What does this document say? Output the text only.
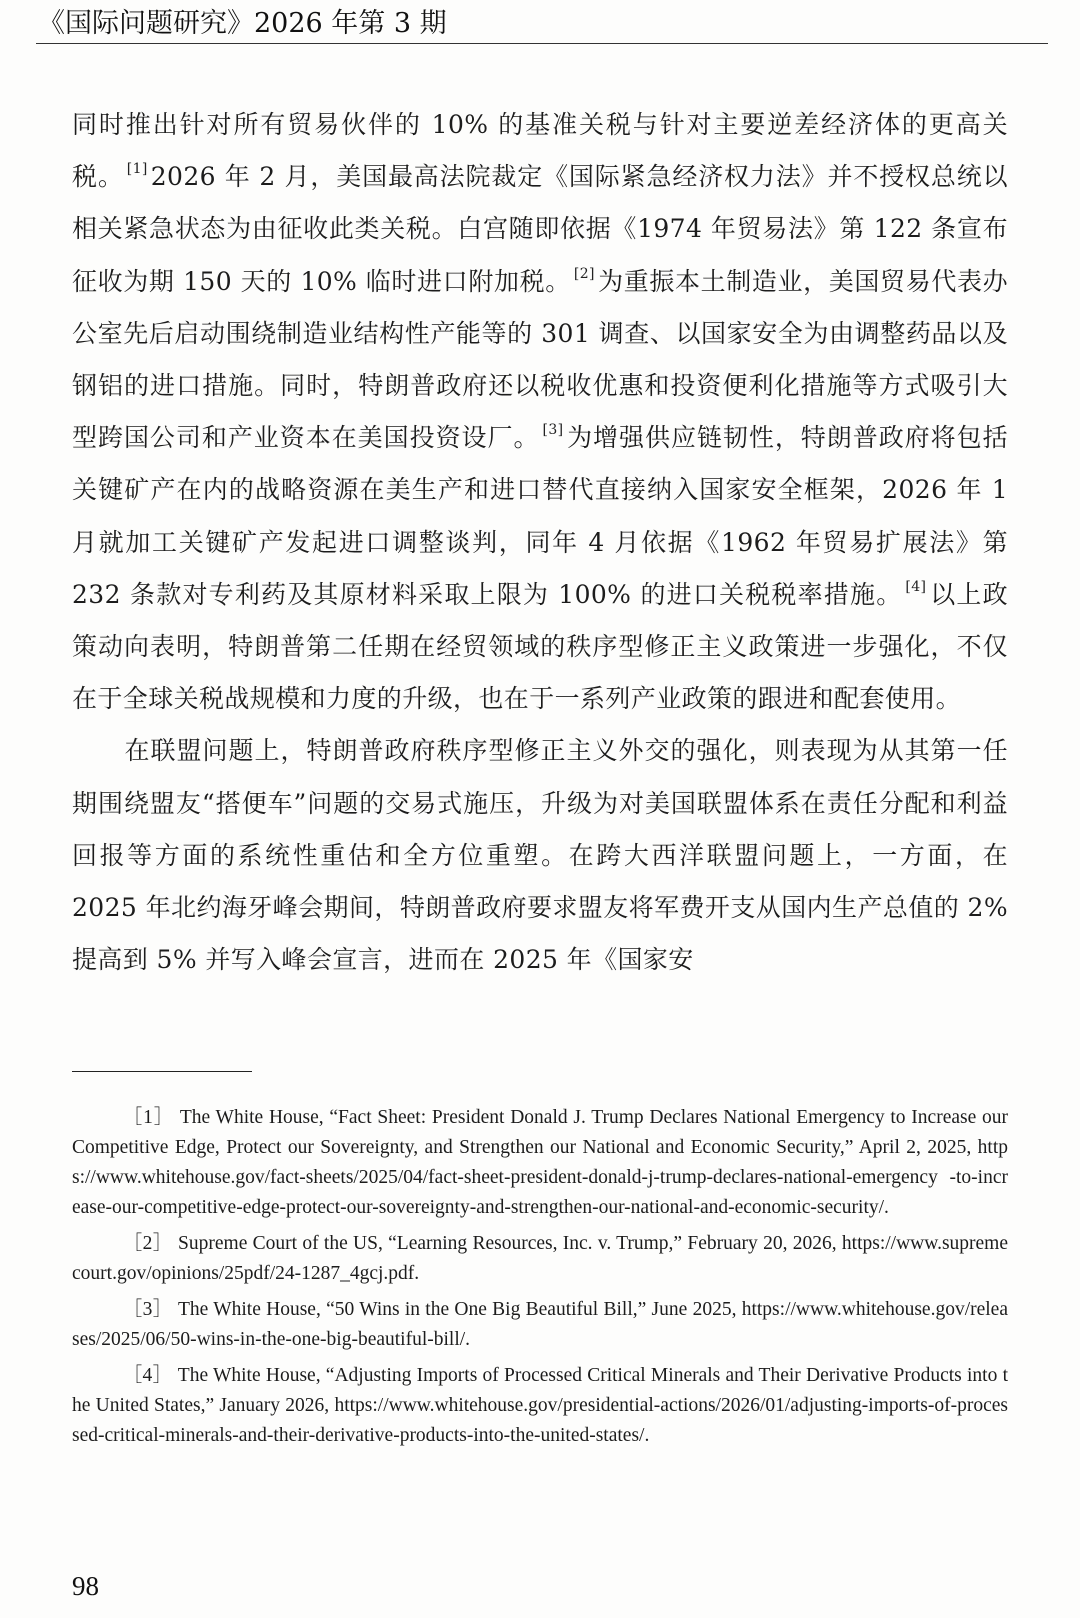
《国际问题研究》2026 年第 3 期

同时推出针对所有贸易伙伴的 10% 的基准关税与针对主要逆差经济体的更高关税。 [1] 2026 年 2 月，美国最高法院裁定《国际紧急经济权力法》并不授权总统以相关紧急状态为由征收此类关税。白宫随即依据《1974 年贸易法》第 122 条宣布征收为期 150 天的 10% 临时进口附加税。 [2] 为重振本土制造业，美国贸易代表办公室先后启动围绕制造业结构性产能等的 301 调查、以国家安全为由调整药品以及钢铝的进口措施。同时，特朗普政府还以税收优惠和投资便利化措施等方式吸引大型跨国公司和产业资本在美国投资设厂。 [3] 为增强供应链韧性，特朗普政府将包括关键矿产在内的战略资源在美生产和进口替代直接纳入国家安全框架，2026 年 1 月就加工关键矿产发起进口调整谈判，同年 4 月依据《1962 年贸易扩展法》第 232 条款对专利药及其原材料采取上限为 100% 的进口关税税率措施。 [4] 以上政策动向表明，特朗普第二任期在经贸领域的秩序型修正主义政策进一步强化，不仅在于全球关税战规模和力度的升级，也在于一系列产业政策的跟进和配套使用。

在联盟问题上，特朗普政府秩序型修正主义外交的强化，则表现为从其第一任期围绕盟友“搭便车”问题的交易式施压，升级为对美国联盟体系在责任分配和利益回报等方面的系统性重估和全方位重塑。在跨大西洋联盟问题上，一方面，在 2025 年北约海牙峰会期间，特朗普政府要求盟友将军费开支从国内生产总值的 2% 提高到 5% 并写入峰会宣言，进而在 2025 年《国家安

［1］ The White House, “Fact Sheet: President Donald J. Trump Declares National Emergency to Increase our Competitive Edge, Protect our Sovereignty, and Strengthen our National and Economic Security,” April 2, 2025, https://www.whitehouse.gov/fact-sheets/2025/04/fact-sheet-president-donald-j-trump-declares-national-emergency -to-increase-our-competitive-edge-protect-our-sovereignty-and-strengthen-our-national-and-economic-security/.

［2］ Supreme Court of the US, “Learning Resources, Inc. v. Trump,” February 20, 2026, https://www.supremecourt.gov/opinions/25pdf/24-1287_4gcj.pdf.

［3］ The White House, “50 Wins in the One Big Beautiful Bill,” June 2025, https://www.whitehouse.gov/releases/2025/06/50-wins-in-the-one-big-beautiful-bill/.

［4］ The White House, “Adjusting Imports of Processed Critical Minerals and Their Derivative Products into the United States,” January 2026, https://www.whitehouse.gov/presidential-actions/2026/01/adjusting-imports-of-processed-critical-minerals-and-their-derivative-products-into-the-united-states/.

98
